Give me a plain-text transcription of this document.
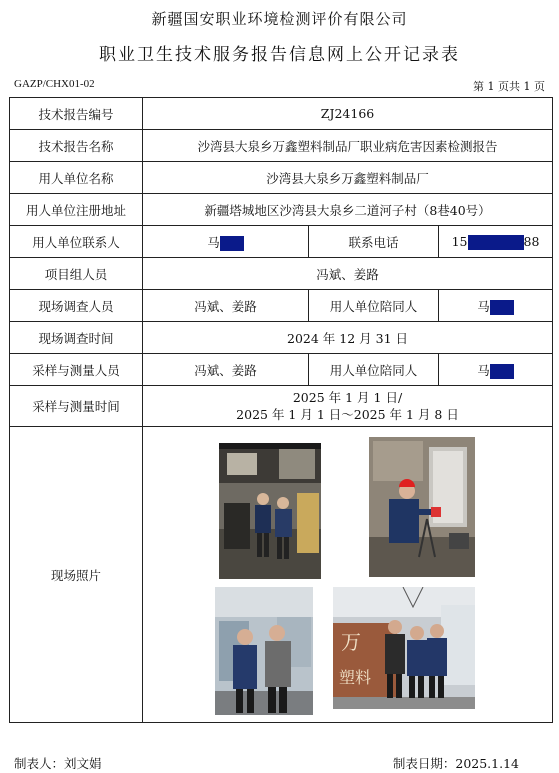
新疆国安职业环境检测评价有限公司
职业卫生技术服务报告信息网上公开记录表
GAZP/CHX01-02	第 1 页共 1 页
技术报告编号	ZJ24166		
技术报告名称	沙湾县大泉乡万鑫塑料制品厂职业病危害因素检测报告		
用人单位名称	沙湾县大泉乡万鑫塑料制品厂		
用人单位注册地址	新疆塔城地区沙湾县大泉乡二道河子村（8巷40号）		
用人单位联系人	马	联系电话	15 88
项目组人员	冯斌、姜路		
现场调查人员	冯斌、姜路	用人单位陪同人	马
现场调查时间	2024 年 12 月 31 日		
采样与测量人员	冯斌、姜路	用人单位陪同人	马
采样与测量时间	2025 年 1 月 1 日/
2025 年 1 月 1 日～2025 年 1 月 8 日		

现场照片	万
塑料		
制表人：刘文娟	制表日期：2025.1.14
